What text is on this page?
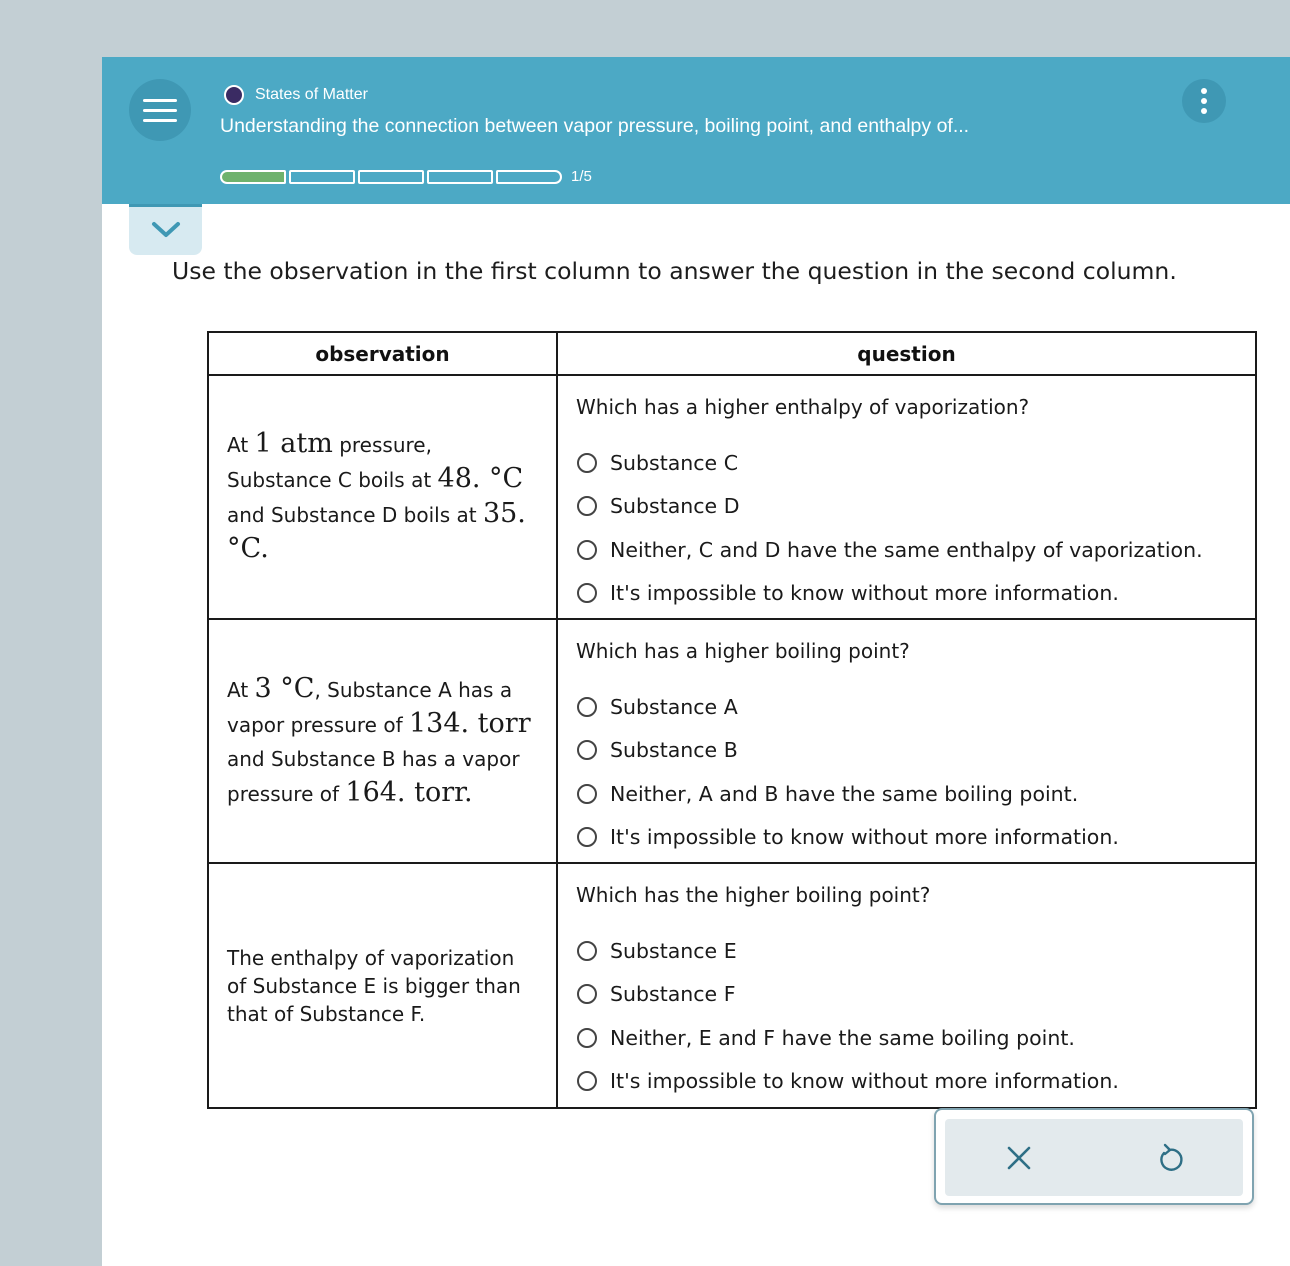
States of Matter
Understanding the connection between vapor pressure, boiling point, and enthalpy of...
1/5
Use the observation in the first column to answer the question in the second column.
observation	question
At 1 atm pressure, Substance C boils at 48. °C and Substance D boils at 35. °C.	Which has a higher enthalpy of vaporization?
Substance C
Substance D
Neither, C and D have the same enthalpy of vaporization.
It's impossible to know without more information.

At 3 °C, Substance A has a vapor pressure of 134. torr and Substance B has a vapor pressure of 164. torr.	Which has a higher boiling point?
Substance A
Substance B
Neither, A and B have the same boiling point.
It's impossible to know without more information.

The enthalpy of vaporization of Substance E is bigger than that of Substance F.	Which has the higher boiling point?
Substance E
Substance F
Neither, E and F have the same boiling point.
It's impossible to know without more information.
